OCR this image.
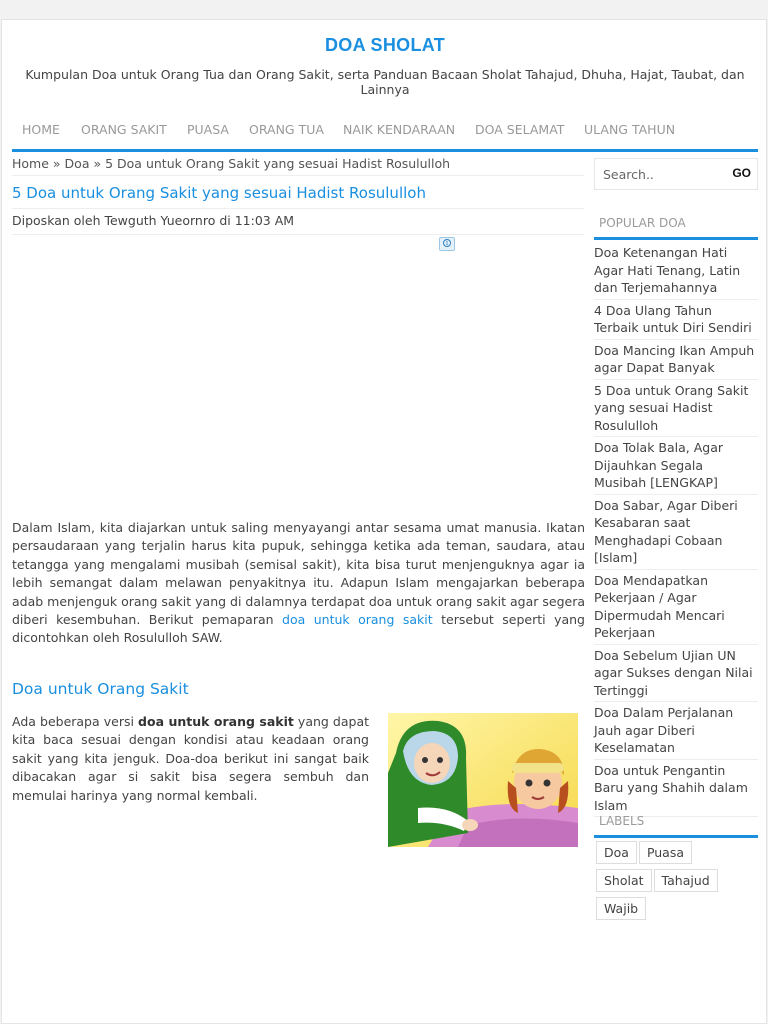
DOA SHOLAT
Kumpulan Doa untuk Orang Tua dan Orang Sakit, serta Panduan Bacaan Sholat Tahajud, Dhuha, Hajat, Taubat, dan Lainnya
HOME ORANG SAKIT PUASA ORANG TUA NAIK KENDARAAN DOA SELAMAT ULANG TAHUN
Home » Doa » 5 Doa untuk Orang Sakit yang sesuai Hadist Rosululloh
5 Doa untuk Orang Sakit yang sesuai Hadist Rosululloh
Diposkan oleh Tewguth Yueornro di 11:03 AM
i

Dalam Islam, kita diajarkan untuk saling menyayangi antar sesama umat manusia. Ikatan persaudaraan yang terjalin harus kita pupuk, sehingga ketika ada teman, saudara, atau tetangga yang mengalami musibah (semisal sakit), kita bisa turut menjenguknya agar ia lebih semangat dalam melawan penyakitnya itu. Adapun Islam mengajarkan beberapa adab menjenguk orang sakit yang di dalamnya terdapat doa untuk orang sakit agar segera diberi kesembuhan. Berikut pemaparan doa untuk orang sakit tersebut seperti yang dicontohkan oleh Rosululloh SAW.

Doa untuk Orang Sakit

Ada beberapa versi doa untuk orang sakit yang dapat kita baca sesuai dengan kondisi atau keadaan orang sakit yang kita jenguk. Doa-doa berikut ini sangat baik dibacakan agar si sakit bisa segera sembuh dan memulai harinya yang normal kembali.

Search..
GO
POPULAR DOA
Doa Ketenangan Hati Agar Hati Tenang, Latin dan Terjemahannya
4 Doa Ulang Tahun Terbaik untuk Diri Sendiri
Doa Mancing Ikan Ampuh agar Dapat Banyak
5 Doa untuk Orang Sakit yang sesuai Hadist Rosululloh
Doa Tolak Bala, Agar Dijauhkan Segala Musibah [LENGKAP]
Doa Sabar, Agar Diberi Kesabaran saat Menghadapi Cobaan [Islam]
Doa Mendapatkan Pekerjaan / Agar Dipermudah Mencari Pekerjaan
Doa Sebelum Ujian UN agar Sukses dengan Nilai Tertinggi
Doa Dalam Perjalanan Jauh agar Diberi Keselamatan
Doa untuk Pengantin Baru yang Shahih dalam Islam
LABELS
Doa Puasa
Sholat Tahajud
Wajib
